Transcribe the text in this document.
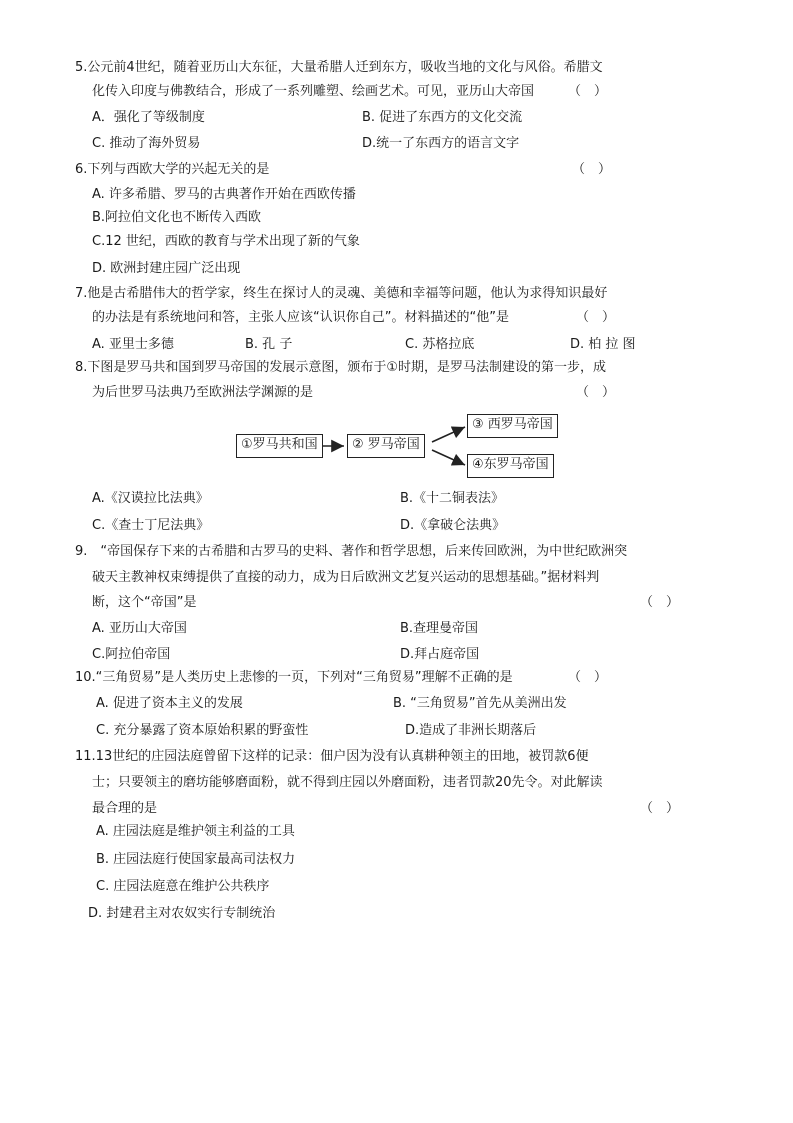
5.公元前4世纪，随着亚历山大东征，大量希腊人迁到东方，吸收当地的文化与风俗。希腊文
化传入印度与佛教结合，形成了一系列雕塑、绘画艺术。可见，亚历山大帝国	（　）
A．强化了等级制度	B. 促进了东西方的文化交流
C. 推动了海外贸易	D.统一了东西方的语言文字
6.下列与西欧大学的兴起无关的是	（　）
A. 许多希腊、罗马的古典著作开始在西欧传播
B.阿拉伯文化也不断传入西欧
C.12 世纪，西欧的教育与学术出现了新的气象
D. 欧洲封建庄园广泛出现
7.他是古希腊伟大的哲学家，终生在探讨人的灵魂、美德和幸福等问题，他认为求得知识最好
的办法是有系统地问和答，主张人应该“认识你自己”。材料描述的“他”是	（　）
A. 亚里士多德	B. 孔 子	C. 苏格拉底	D. 柏 拉 图
8.下图是罗马共和国到罗马帝国的发展示意图，颁布于①时期，是罗马法制建设的第一步，成
为后世罗马法典乃至欧洲法学渊源的是	（　）
①罗马共和国	② 罗马帝国
③ 西罗马帝国
④东罗马帝国
A.《汉谟拉比法典》	B.《十二铜表法》
C.《查士丁尼法典》	D.《拿破仑法典》
9.　“帝国保存下来的古希腊和古罗马的史料、著作和哲学思想，后来传回欧洲，为中世纪欧洲突
破天主教神权束缚提供了直接的动力，成为日后欧洲文艺复兴运动的思想基础。”据材料判
断，这个“帝国”是	（　）
A. 亚历山大帝国	B.查理曼帝国
C.阿拉伯帝国	D.拜占庭帝国
10.“三角贸易”是人类历史上悲惨的一页，下列对“三角贸易”理解不正确的是	（　）
A. 促进了资本主义的发展	B. “三角贸易”首先从美洲出发
C. 充分暴露了资本原始积累的野蛮性	D.造成了非洲长期落后
11.13世纪的庄园法庭曾留下这样的记录：佃户因为没有认真耕种领主的田地，被罚款6便
士；只要领主的磨坊能够磨面粉，就不得到庄园以外磨面粉，违者罚款20先令。对此解读
最合理的是	（　）
A. 庄园法庭是维护领主利益的工具
B. 庄园法庭行使国家最高司法权力
C. 庄园法庭意在维护公共秩序
D. 封建君主对农奴实行专制统治
